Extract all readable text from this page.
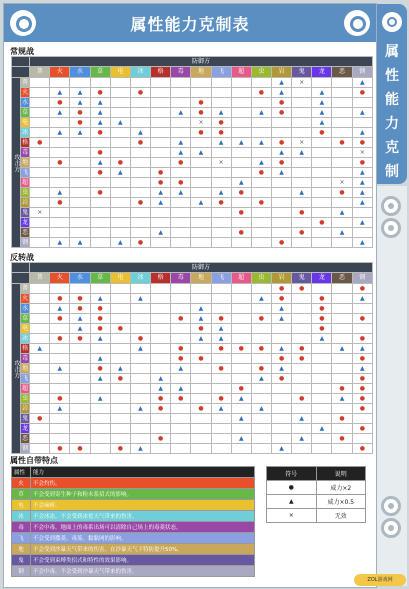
属性能力克制表
常规战
		防御方																
		普	火	水	草	电	冰	格	毒	地	飞	超	虫	岩	鬼	龙	恶	钢
攻击方	普													▲	×			▲
	火		▲	▲	●		●						●	▲		▲		●
	水		●	▲	▲					●				●		▲		
	草		▲	●	▲				▲	●	▲		▲	●		▲		▲
	电			●	▲	▲				×	●					▲		
	冰		▲	▲	●		▲			●	●					●		▲
	格	●					●		▲		▲	▲	▲	●	×		●	●
	毒				●				▲	▲				▲	▲			×
	地		●		▲	●			●		×		▲	●				●
	飞				●	▲		●					●	▲				▲
	超							●	●			▲					×	▲
	虫		▲		●			▲	▲		▲	●			▲		●	▲
	岩		●				●	▲		▲	●		●					▲
	鬼	×										●			●		▲	
	龙															●		▲
	恶							▲				●			●		▲	
	钢		▲	▲		▲	●							●				▲
反转战
		防御方																
		普	火	水	草	电	冰	格	毒	地	飞	超	虫	岩	鬼	龙	恶	钢
攻击方	普													●	●			●
	火		●	●	▲		▲						▲	●		●		▲
	水		▲	●	●					▲				▲		●		
	草		●	▲	●				●	▲	●		●	▲		●		●
	电			▲	●	●				●	▲					●		
	冰		●	●	▲		●			▲	▲					▲		●
	格	▲					▲		●		●	●	●	▲	●		▲	▲
	毒				▲				●	●				●	●			●
	地		▲		●	▲			▲		●		●	▲				▲
	飞				▲	●		▲					▲	●				●
	超							▲	▲			●					●	●
	虫		●		▲			●	●		●	▲			●		▲	●
	岩		▲				▲	●		●	▲		▲					●
	鬼	●										▲			▲		●	
	龙															▲		●
	恶							●				▲			▲		●	
	钢		●	●		●	▲							▲				●
属性自带特点
属性	能力
火	不会灼伤。
草	不会受到寄生种子和粉末系招式的影响。
电	不会麻痹。
冰	不会冰冻。不会受到冰雹天气带来的伤害。
毒	不会中毒。地面上的毒系出场可以清除自己场上的毒菱状态。
飞	不会受到撒菱、毒菱、黏黏网的影响。
地	不会受到沙暴天气带来的伤害。在沙暴天气下特防提升50%。
鬼	不会受到束缚类招式和特性的效果影响。
钢	不会中毒。不会受到沙暴天气带来的伤害。
符号	说明
●	威力×2
▲	威力×0.5
×	无效
属性能力克制
ZOL游戏网
